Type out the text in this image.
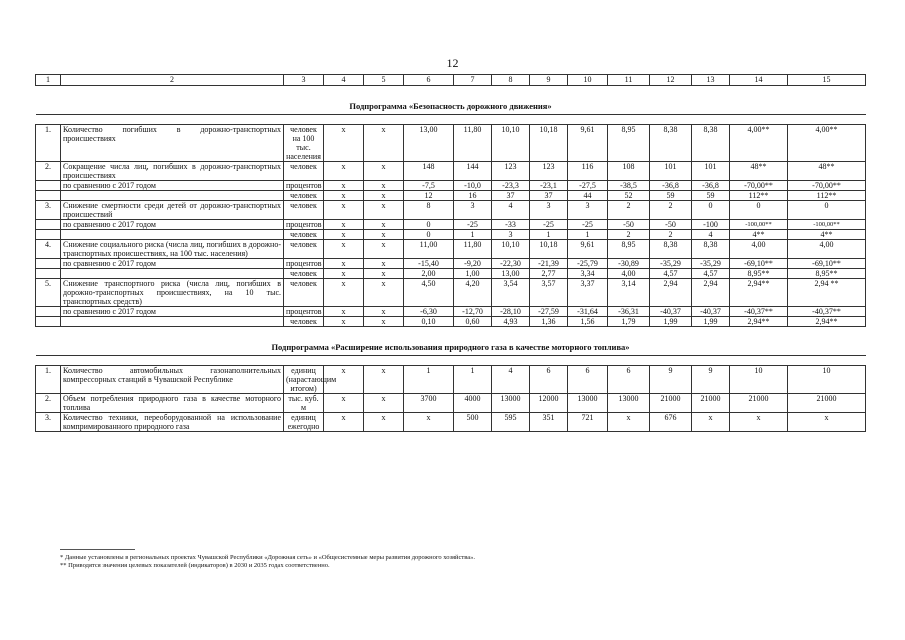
12
1	2	3	4	5	6	7	8	9	10	11	12	13	14	15
Подпрограмма «Безопасность дорожного движения»														

1.	Количество погибших в дорожно-транспортных происшествиях	человек на 100 тыс. населения	x	x	13,00	11,80	10,10	10,18	9,61	8,95	8,38	8,38	4,00**	4,00**
2.	Сокращение числа лиц, погибших в дорожно-транспортных происшествиях	человек	x	x	148	144	123	123	116	108	101	101	48**	48**
	по сравнению с 2017 годом	процентов	x	x	-7,5	-10,0	-23,3	-23,1	-27,5	-38,5	-36,8	-36,8	-70,00**	-70,00**
		человек	x	x	12	16	37	37	44	52	59	59	112**	112**
3.	Снижение смертности среди детей от дорожно-транспортных происшествий	человек	x	x	8	3	4	3	3	2	2	0	0	0
	по сравнению с 2017 годом	процентов	x	x	0	-25	-33	-25	-25	-50	-50	-100	-100,00**	-100,00**
		человек	x	x	0	1	3	1	1	2	2	4	4**	4**
4.	Снижение социального риска (числа лиц, погибших в дорожно-транспортных происшествиях, на 100 тыс. населения)	человек	x	x	11,00	11,80	10,10	10,18	9,61	8,95	8,38	8,38	4,00	4,00
	по сравнению с 2017 годом	процентов	x	x	-15,40	-9,20	-22,30	-21,39	-25,79	-30,89	-35,29	-35,29	-69,10**	-69,10**
		человек	x	x	2,00	1,00	13,00	2,77	3,34	4,00	4,57	4,57	8,95**	8,95**
5.	Снижение транспортного риска (числа лиц, погибших в дорожно-транспортных происшествиях, на 10 тыс. транспортных средств)	человек	x	x	4,50	4,20	3,54	3,57	3,37	3,14	2,94	2,94	2,94**	2,94 **
	по сравнению с 2017 годом	процентов	x	x	-6,30	-12,70	-28,10	-27,59	-31,64	-36,31	-40,37	-40,37	-40,37**	-40,37**
		человек	x	x	0,10	0,60	4,93	1,36	1,56	1,79	1,99	1,99	2,94**	2,94**
Подпрограмма «Расширение использования природного газа в качестве моторного топлива»														

1.	Количество автомобильных газонаполнительных компрессорных станций в Чувашской Республике	единиц (нарастающим итогом)	x	x	1	1	4	6	6	6	9	9	10	10
2.	Объем потребления природного газа в качестве моторного топлива	тыс. куб. м	x	x	3700	4000	13000	12000	13000	13000	21000	21000	21000	21000
3.	Количество техники, переоборудованной на использование компримированного природного газа	единиц ежегодно	x	x	x	500	595	351	721	x	676	x	x	x
* Данные установлены в региональных проектах Чувашской Республики «Дорожная сеть» и «Общесистемные меры развития дорожного хозяйства».
** Приводятся значения целевых показателей (индикаторов) в 2030 и 2035 годах соответственно.
